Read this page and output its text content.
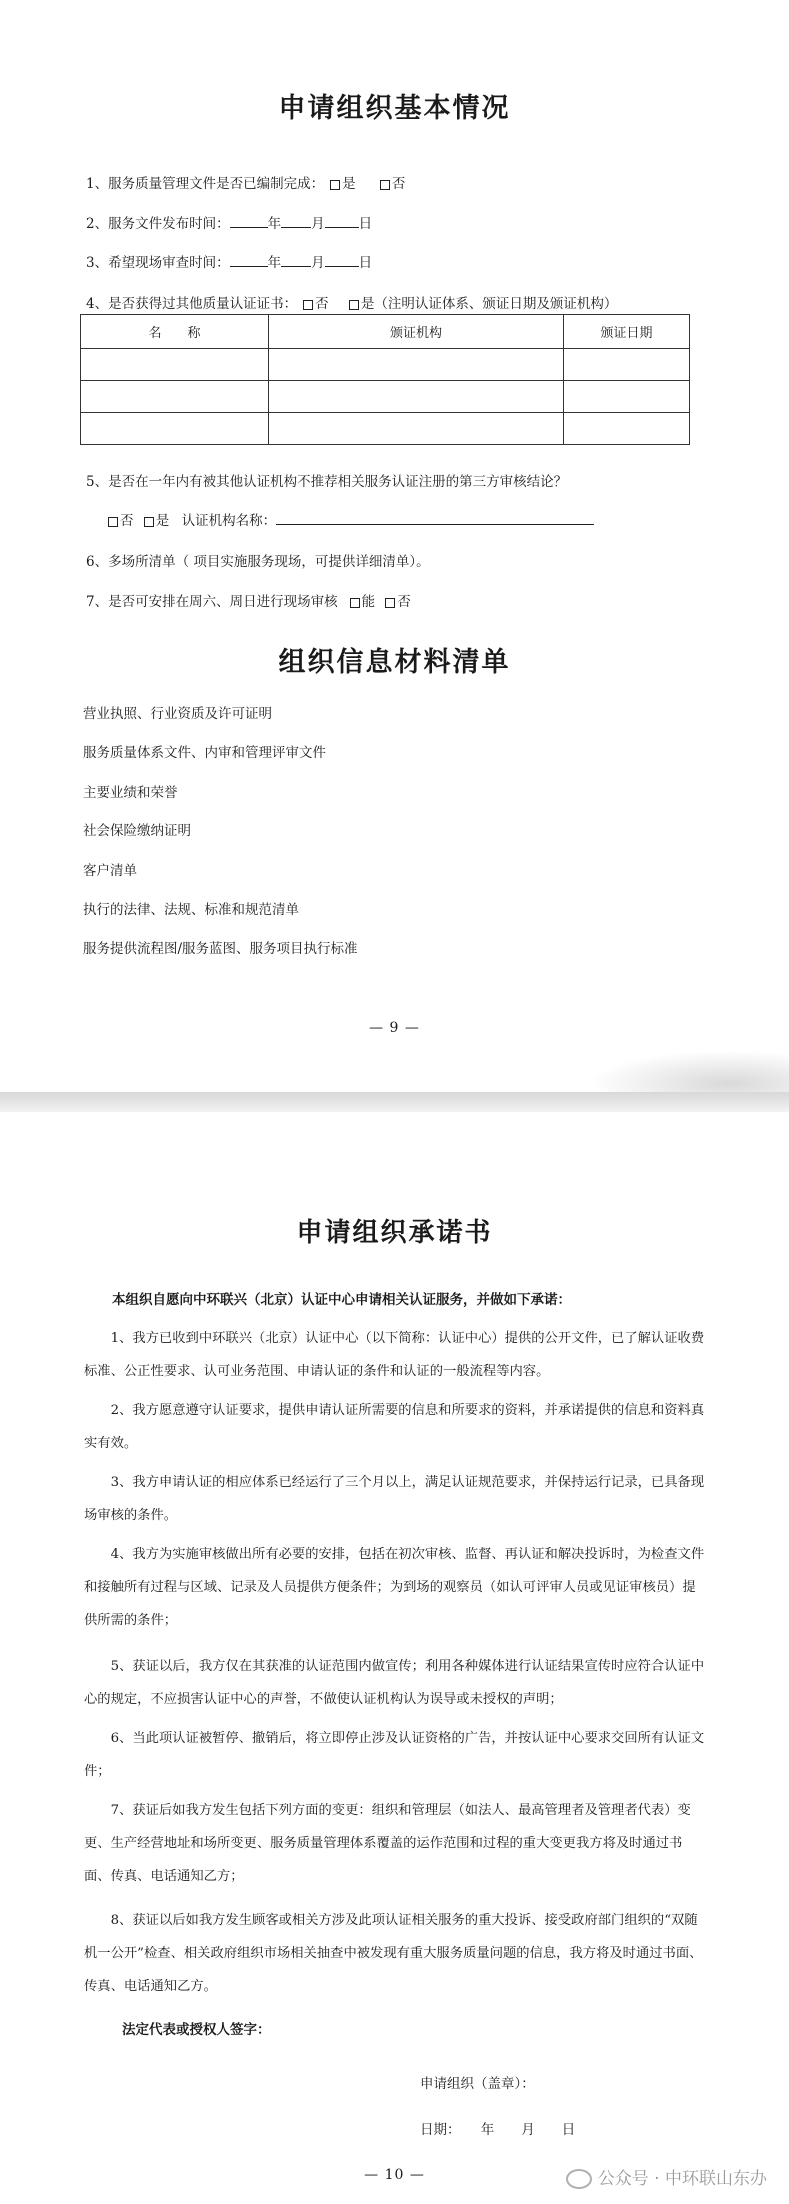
申请组织基本情况
1、服务质量管理文件是否已编制完成： 是	否
2、服务文件发布时间：	年 月	日
3、希望现场审查时间：	年 月	日
4、是否获得过其他质量认证证书： 否 是（注明认证体系、颁证日期及颁证机构）
名　　称	颁证机构	颁证日期

5、是否在一年内有被其他认证机构不推荐相关服务认证注册的第三方审核结论？
否 是 认证机构名称：
6、多场所清单（ 项目实施服务现场，可提供详细清单）。
7、是否可安排在周六、周日进行现场审核 能 否
组织信息材料清单
营业执照、行业资质及许可证明
服务质量体系文件、内审和管理评审文件
主要业绩和荣誉
社会保险缴纳证明
客户清单
执行的法律、法规、标准和规范清单
服务提供流程图/服务蓝图、服务项目执行标准
— 9 —
申请组织承诺书
本组织自愿向中环联兴（北京）认证中心申请相关认证服务，并做如下承诺：
1、我方已收到中环联兴（北京）认证中心（以下简称：认证中心）提供的公开文件，已了解认证收费标准、公正性要求、认可业务范围、申请认证的条件和认证的一般流程等内容。
2、我方愿意遵守认证要求，提供申请认证所需要的信息和所要求的资料，并承诺提供的信息和资料真实有效。
3、我方申请认证的相应体系已经运行了三个月以上，满足认证规范要求，并保持运行记录，已具备现场审核的条件。
4、我方为实施审核做出所有必要的安排，包括在初次审核、监督、再认证和解决投诉时，为检查文件和接触所有过程与区域、记录及人员提供方便条件；为到场的观察员（如认可评审人员或见证审核员）提供所需的条件；
5、获证以后，我方仅在其获准的认证范围内做宣传；利用各种媒体进行认证结果宣传时应符合认证中心的规定，不应损害认证中心的声誉，不做使认证机构认为误导或未授权的声明；
6、当此项认证被暂停、撤销后，将立即停止涉及认证资格的广告，并按认证中心要求交回所有认证文件；
7、获证后如我方发生包括下列方面的变更：组织和管理层（如法人、最高管理者及管理者代表）变更、生产经营地址和场所变更、服务质量管理体系覆盖的运作范围和过程的重大变更我方将及时通过书面、传真、电话通知乙方；
8、获证以后如我方发生顾客或相关方涉及此项认证相关服务的重大投诉、接受政府部门组织的“双随机一公开”检查、相关政府组织市场相关抽查中被发现有重大服务质量问题的信息，我方将及时通过书面、传真、电话通知乙方。
法定代表或授权人签字：
申请组织（盖章）：
日期：　　年　　月　　日
— 10 —	公众号 · 中环联山东办
